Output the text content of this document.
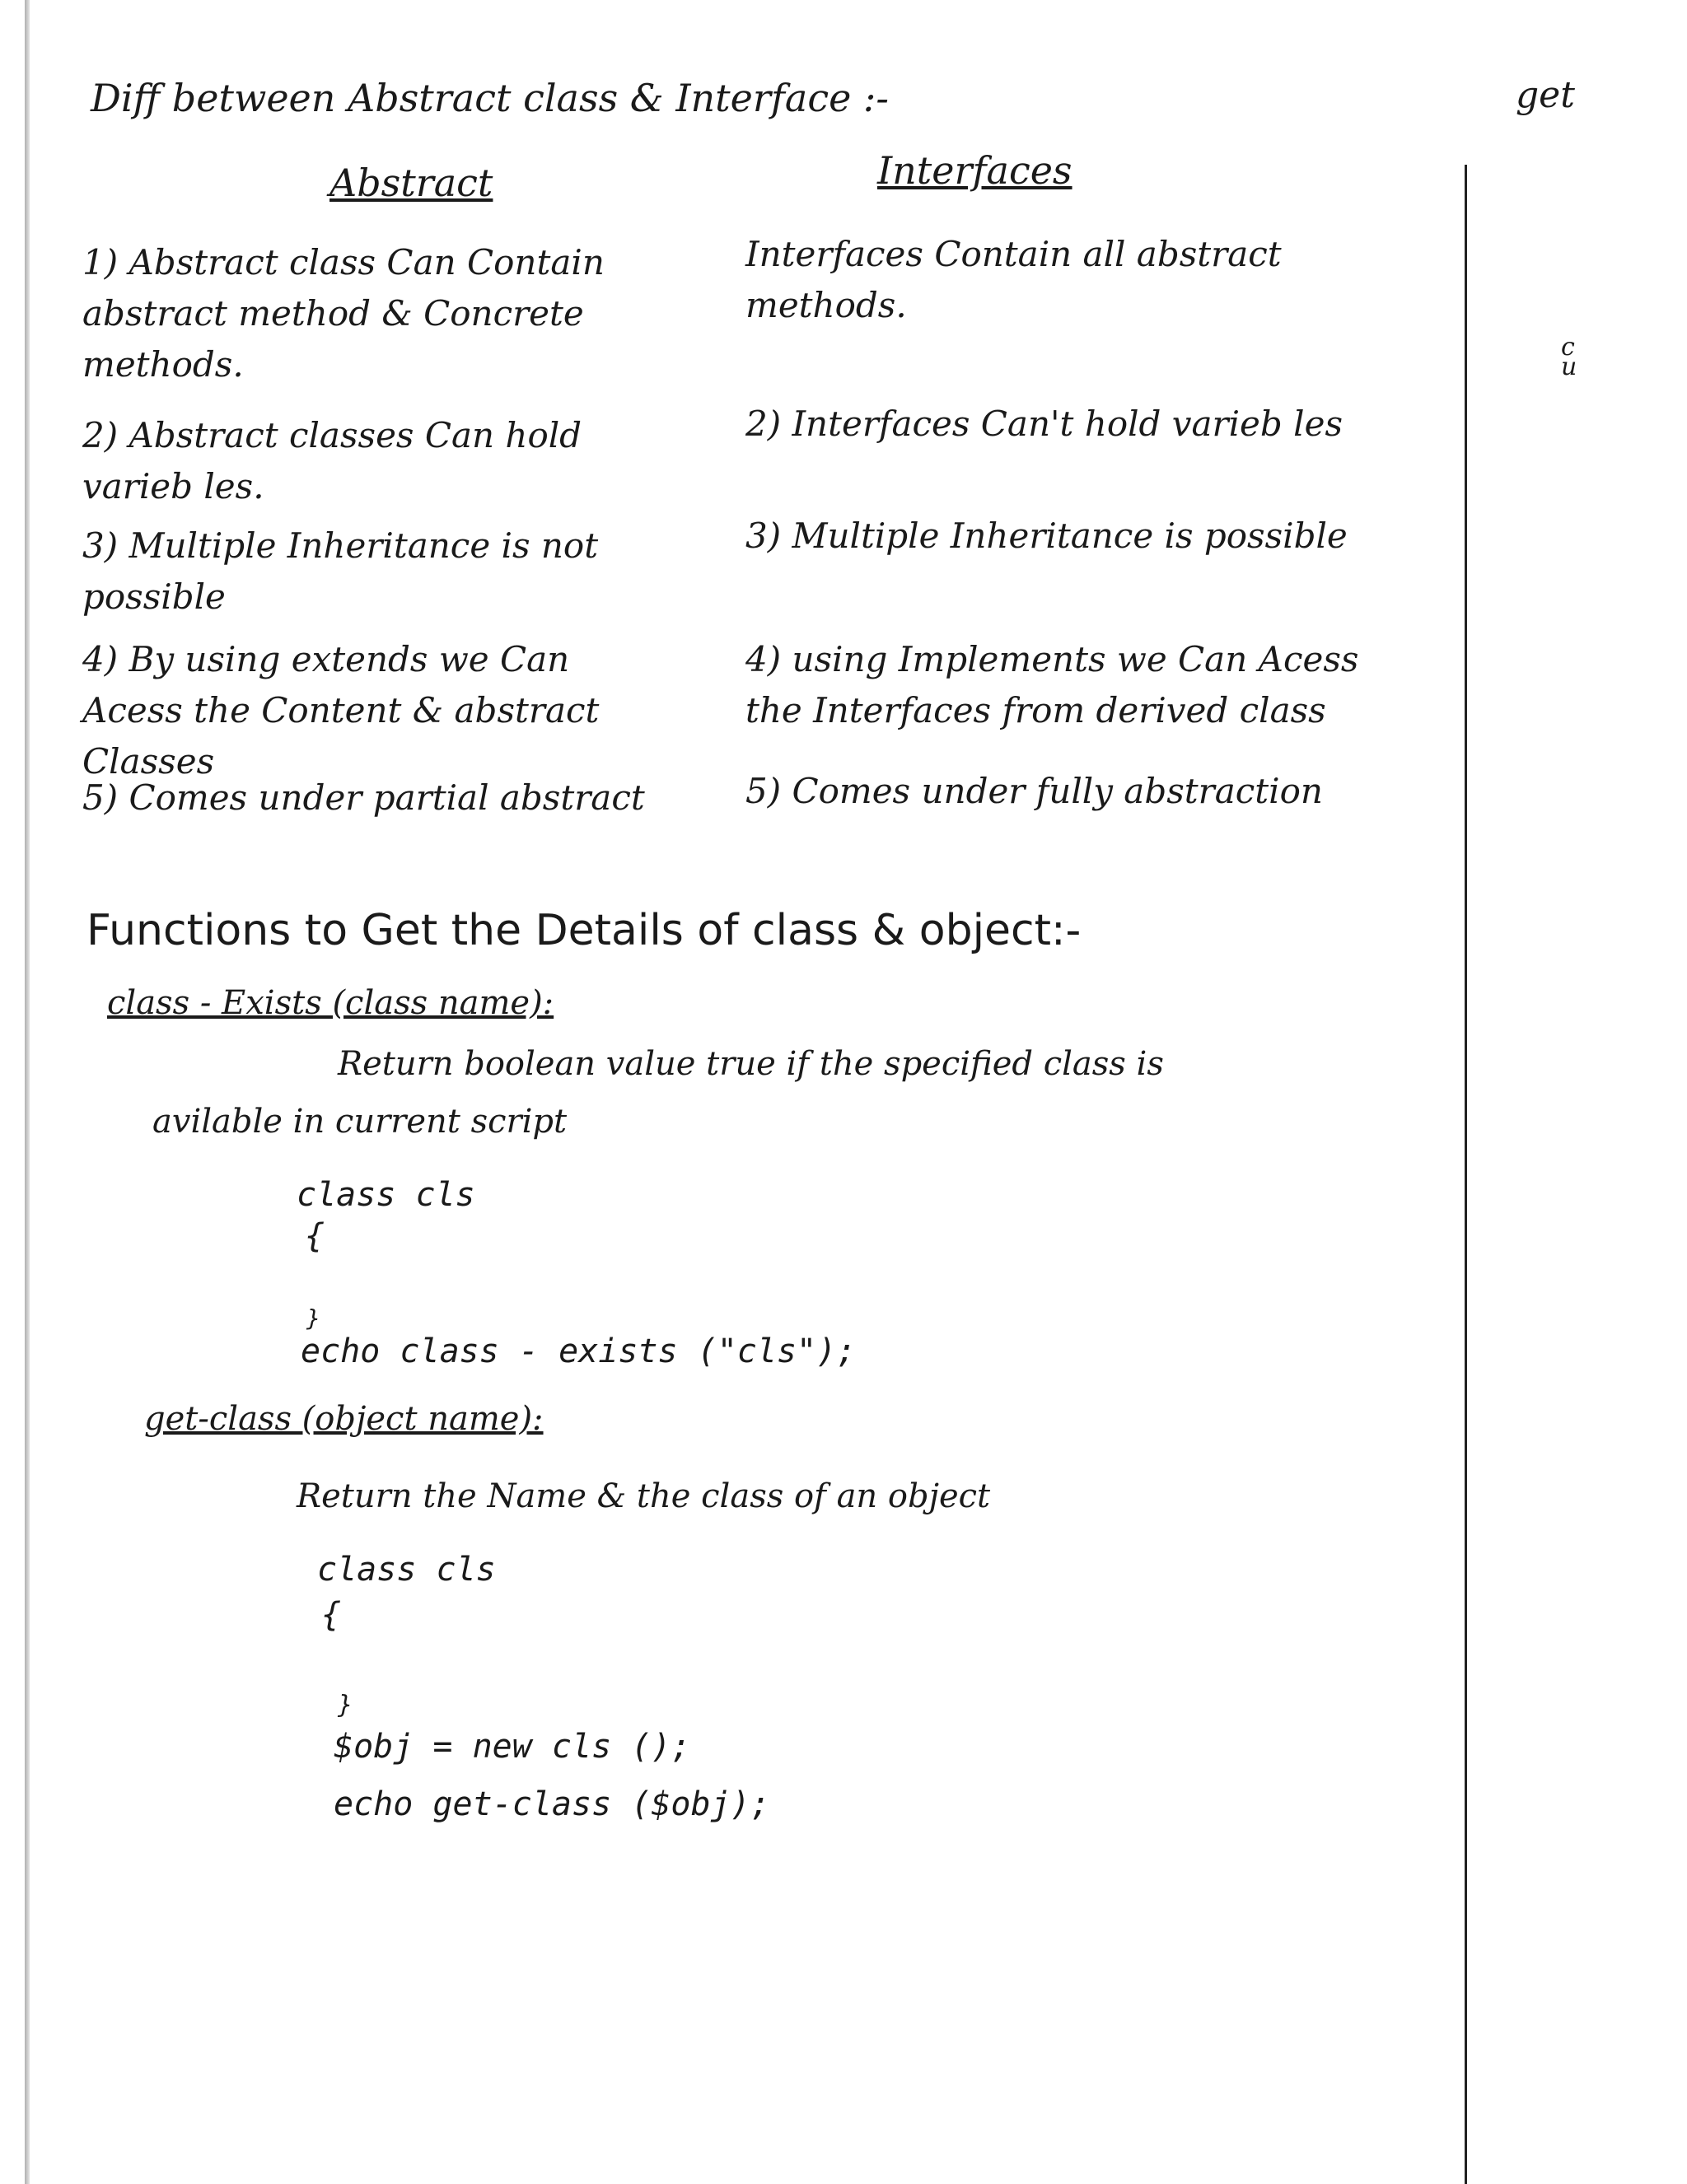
get
c
u
Diff between Abstract class & Interface :-
Abstract	Interfaces
1) Abstract class Can Contain abstract method & Concrete methods.
2) Abstract classes Can hold varieb les.
3) Multiple Inheritance is not possible
4) By using extends we Can Acess the Content & abstract Classes
5) Comes under partial abstract
Interfaces Contain all abstract methods.
2) Interfaces Can't hold varieb les
3) Multiple Inheritance is possible
4) using Implements we Can Acess the Interfaces from derived class
5) Comes under fully abstraction
Functions to Get the Details of class & object:-
class - Exists (class name):
Return boolean value true if the specified class is
avilable in current script
class cls
{
}
echo class - exists ("cls");
get-class (object name):
Return the Name & the class of an object
class cls
{
}
$obj = new cls ();
echo get-class ($obj);
